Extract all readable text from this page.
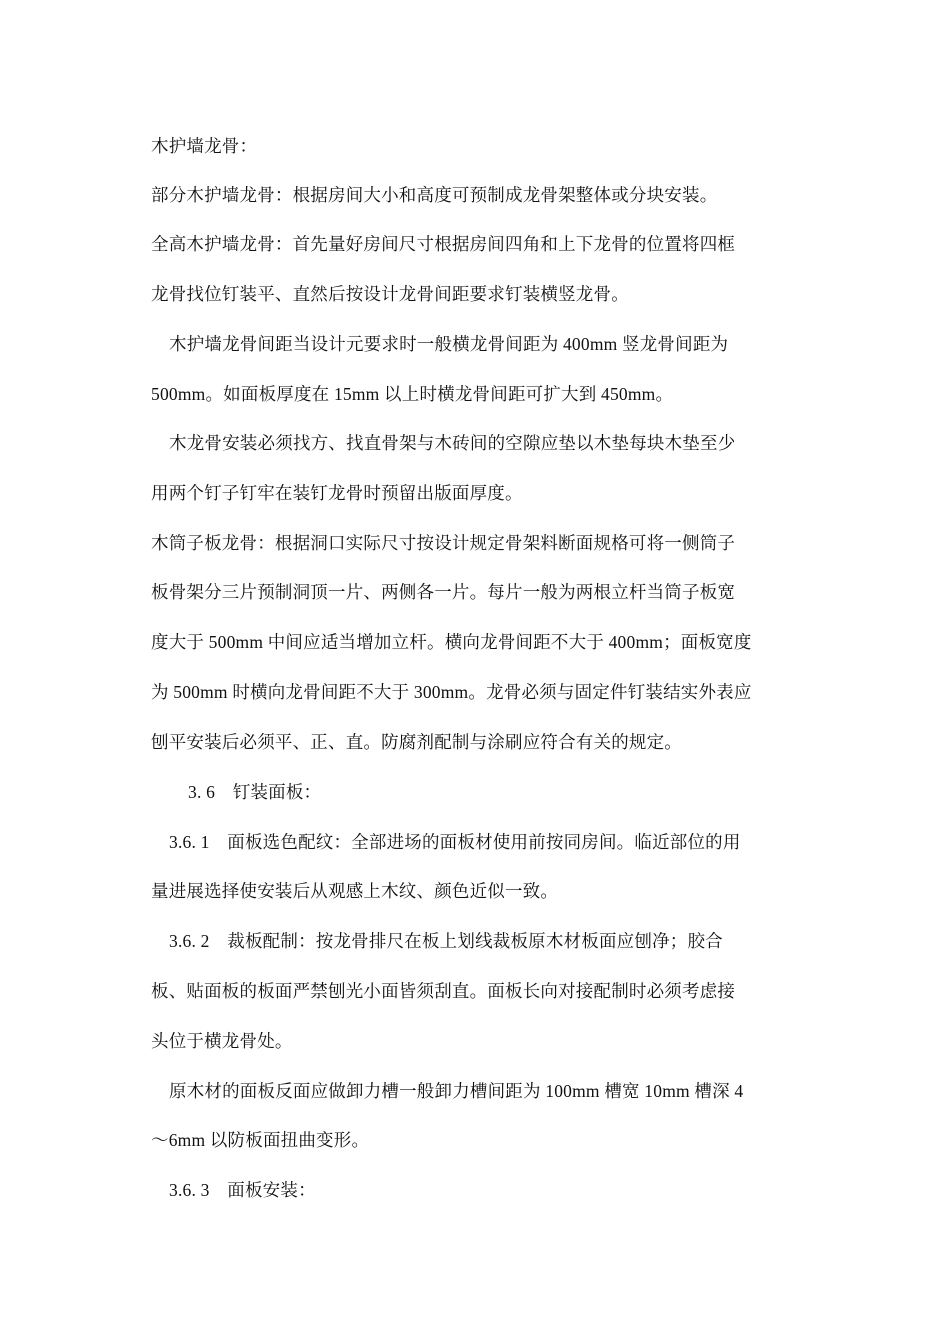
木护墙龙骨：
部分木护墙龙骨：根据房间大小和高度可预制成龙骨架整体或分块安装。
全高木护墙龙骨：首先量好房间尺寸根据房间四角和上下龙骨的位置将四框
龙骨找位钉装平、直然后按设计龙骨间距要求钉装横竖龙骨。
木护墙龙骨间距当设计元要求时一般横龙骨间距为 400mm 竖龙骨间距为
500mm。如面板厚度在 15mm 以上时横龙骨间距可扩大到 450mm。
木龙骨安装必须找方、找直骨架与木砖间的空隙应垫以木垫每块木垫至少
用两个钉子钉牢在装钉龙骨时预留出版面厚度。
木筒子板龙骨：根据洞口实际尺寸按设计规定骨架料断面规格可将一侧筒子
板骨架分三片预制洞顶一片、两侧各一片。每片一般为两根立杆当筒子板宽
度大于 500mm 中间应适当增加立杆。横向龙骨间距不大于 400mm；面板宽度
为 500mm 时横向龙骨间距不大于 300mm。龙骨必须与固定件钉装结实外表应
刨平安装后必须平、正、直。防腐剂配制与涂刷应符合有关的规定。
3. 6　钉装面板：
3.6. 1　面板选色配纹：全部进场的面板材使用前按同房间。临近部位的用
量进展选择使安装后从观感上木纹、颜色近似一致。
3.6. 2　裁板配制：按龙骨排尺在板上划线裁板原木材板面应刨净；胶合
板、贴面板的板面严禁刨光小面皆须刮直。面板长向对接配制时必须考虑接
头位于横龙骨处。
原木材的面板反面应做卸力槽一般卸力槽间距为 100mm 槽宽 10mm 槽深 4
～6mm 以防板面扭曲变形。
3.6. 3　面板安装：
